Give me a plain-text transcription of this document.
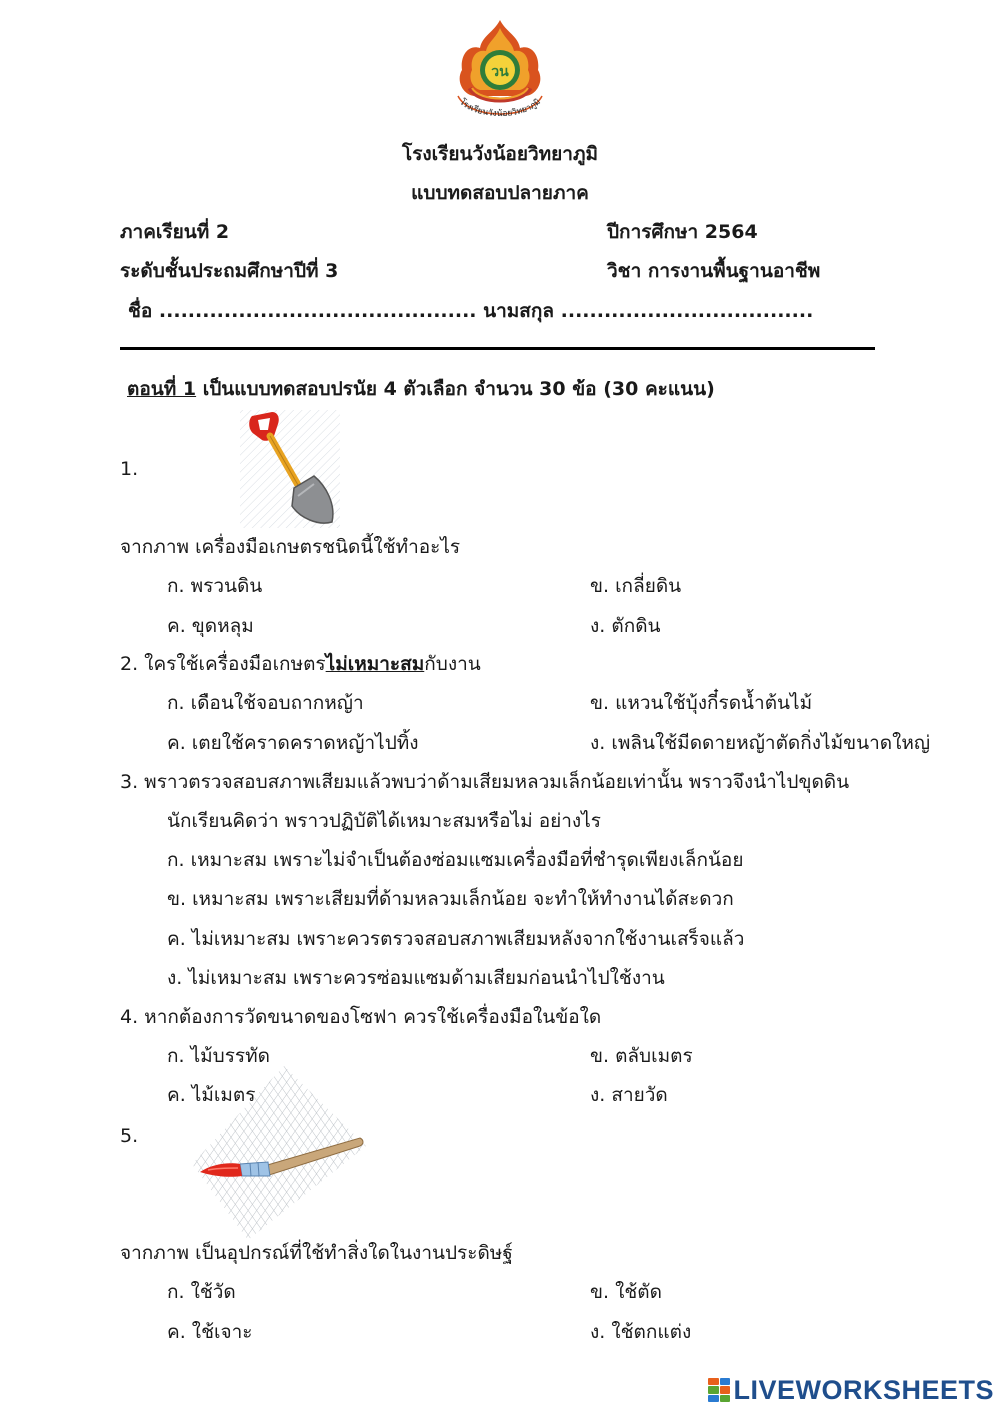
วน
โรงเรียนวังน้อยวิทยาภูมิ
โรงเรียนวังน้อยวิทยาภูมิ
แบบทดสอบปลายภาค
ภาคเรียนที่ 2	ปีการศึกษา 2564
ระดับชั้นประถมศึกษาปีที่ 3	วิชา การงานพื้นฐานอาชีพ
ชื่อ ............................................ นามสกุล ...................................
ตอนที่ 1 เป็นแบบทดสอบปรนัย 4 ตัวเลือก จำนวน 30 ข้อ (30 คะแนน)
1.
จากภาพ เครื่องมือเกษตรชนิดนี้ใช้ทำอะไร
ก. พรวนดิน	ข. เกลี่ยดิน
ค. ขุดหลุม	ง. ตักดิน
2. ใครใช้เครื่องมือเกษตรไม่เหมาะสมกับงาน
ก. เดือนใช้จอบถากหญ้า	ข. แหวนใช้บุ้งกี๋รดน้ำต้นไม้
ค. เตยใช้คราดคราดหญ้าไปทิ้ง	ง. เพลินใช้มีดดายหญ้าตัดกิ่งไม้ขนาดใหญ่
3. พราวตรวจสอบสภาพเสียมแล้วพบว่าด้ามเสียมหลวมเล็กน้อยเท่านั้น พราวจึงนำไปขุดดิน
นักเรียนคิดว่า พราวปฏิบัติได้เหมาะสมหรือไม่ อย่างไร
ก. เหมาะสม เพราะไม่จำเป็นต้องซ่อมแซมเครื่องมือที่ชำรุดเพียงเล็กน้อย
ข. เหมาะสม เพราะเสียมที่ด้ามหลวมเล็กน้อย จะทำให้ทำงานได้สะดวก
ค. ไม่เหมาะสม เพราะควรตรวจสอบสภาพเสียมหลังจากใช้งานเสร็จแล้ว
ง. ไม่เหมาะสม เพราะควรซ่อมแซมด้ามเสียมก่อนนำไปใช้งาน
4. หากต้องการวัดขนาดของโซฟา ควรใช้เครื่องมือในข้อใด
ก. ไม้บรรทัด	ข. ตลับเมตร
ค. ไม้เมตร	ง. สายวัด
5.
จากภาพ เป็นอุปกรณ์ที่ใช้ทำสิ่งใดในงานประดิษฐ์
ก. ใช้วัด	ข. ใช้ตัด
ค. ใช้เจาะ	ง. ใช้ตกแต่ง
LIVEWORKSHEETS
